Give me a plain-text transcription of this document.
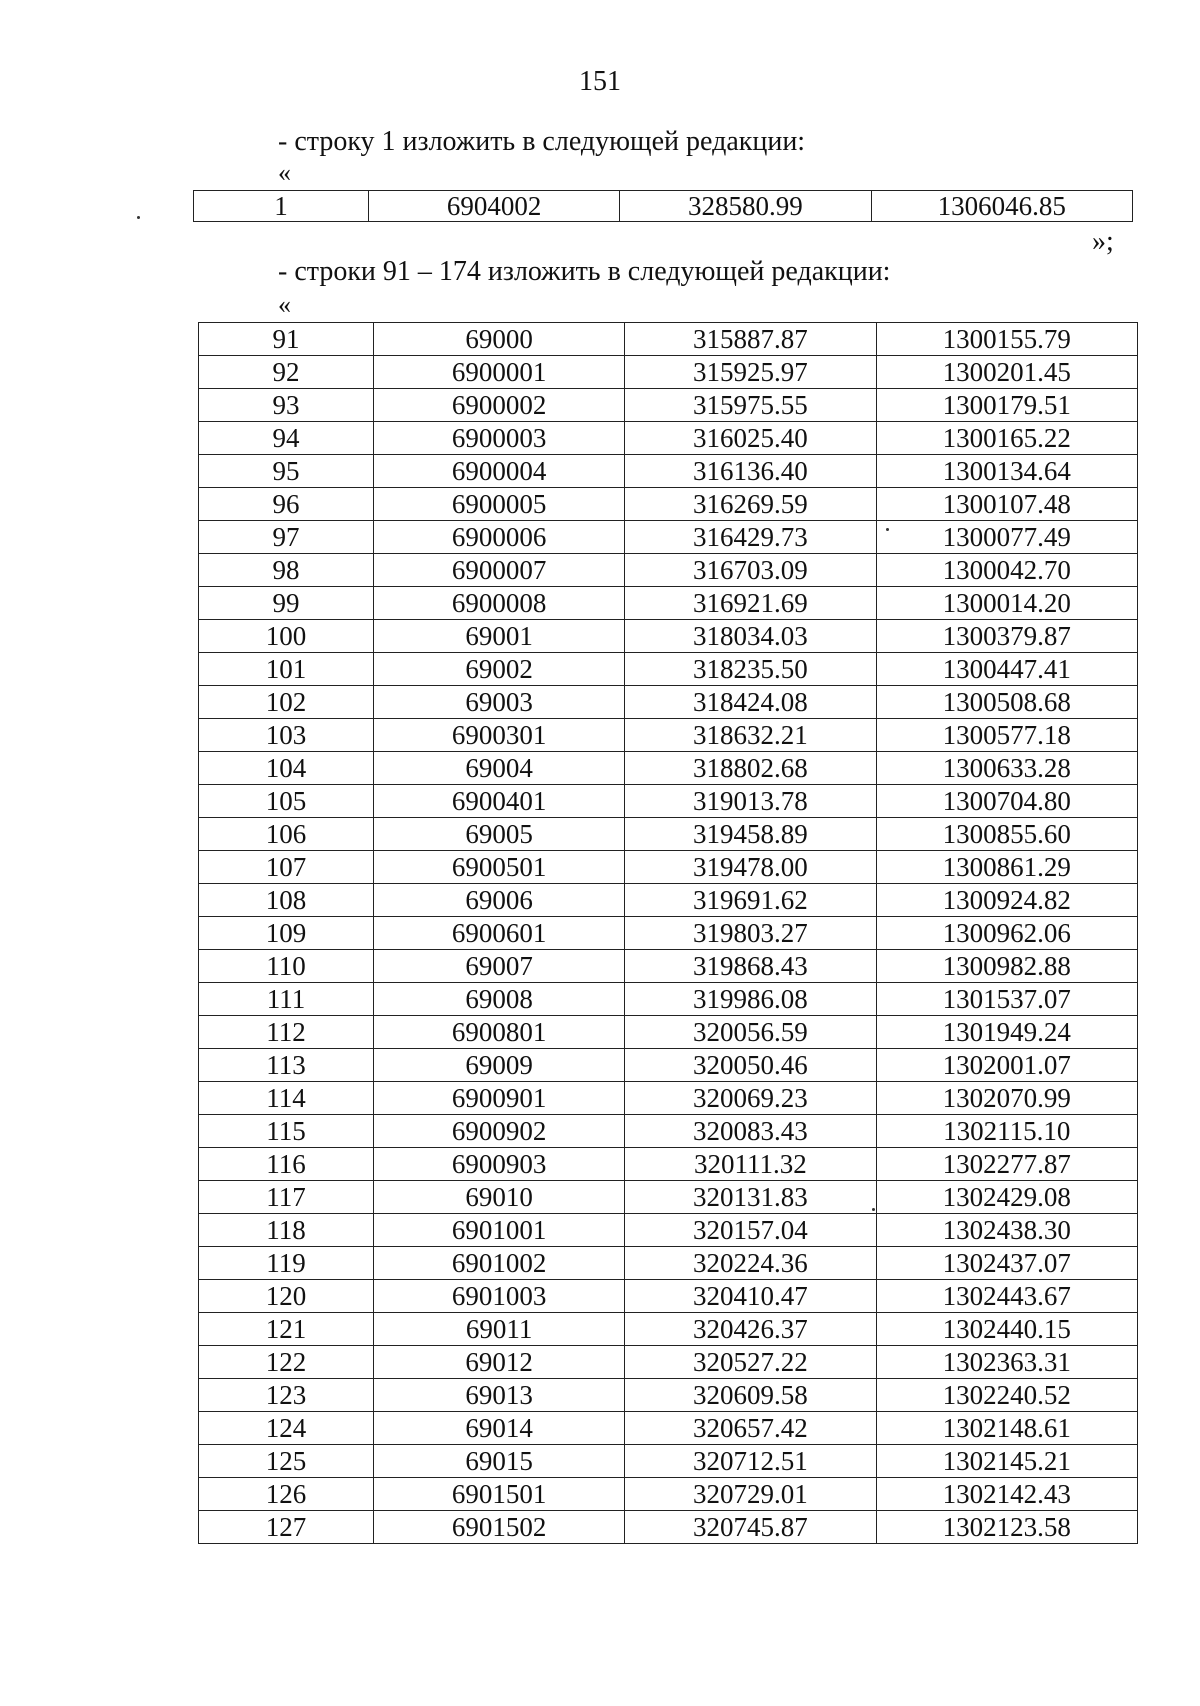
151
- строку 1 изложить в следующей редакции:
«
1	6904002	328580.99	1306046.85
»;
- строки 91 – 174 изложить в следующей редакции:
«
91	69000	315887.87	1300155.79
92	6900001	315925.97	1300201.45
93	6900002	315975.55	1300179.51
94	6900003	316025.40	1300165.22
95	6900004	316136.40	1300134.64
96	6900005	316269.59	1300107.48
97	6900006	316429.73	1300077.49
98	6900007	316703.09	1300042.70
99	6900008	316921.69	1300014.20
100	69001	318034.03	1300379.87
101	69002	318235.50	1300447.41
102	69003	318424.08	1300508.68
103	6900301	318632.21	1300577.18
104	69004	318802.68	1300633.28
105	6900401	319013.78	1300704.80
106	69005	319458.89	1300855.60
107	6900501	319478.00	1300861.29
108	69006	319691.62	1300924.82
109	6900601	319803.27	1300962.06
110	69007	319868.43	1300982.88
111	69008	319986.08	1301537.07
112	6900801	320056.59	1301949.24
113	69009	320050.46	1302001.07
114	6900901	320069.23	1302070.99
115	6900902	320083.43	1302115.10
116	6900903	320111.32	1302277.87
117	69010	320131.83	1302429.08
118	6901001	320157.04	1302438.30
119	6901002	320224.36	1302437.07
120	6901003	320410.47	1302443.67
121	69011	320426.37	1302440.15
122	69012	320527.22	1302363.31
123	69013	320609.58	1302240.52
124	69014	320657.42	1302148.61
125	69015	320712.51	1302145.21
126	6901501	320729.01	1302142.43
127	6901502	320745.87	1302123.58
